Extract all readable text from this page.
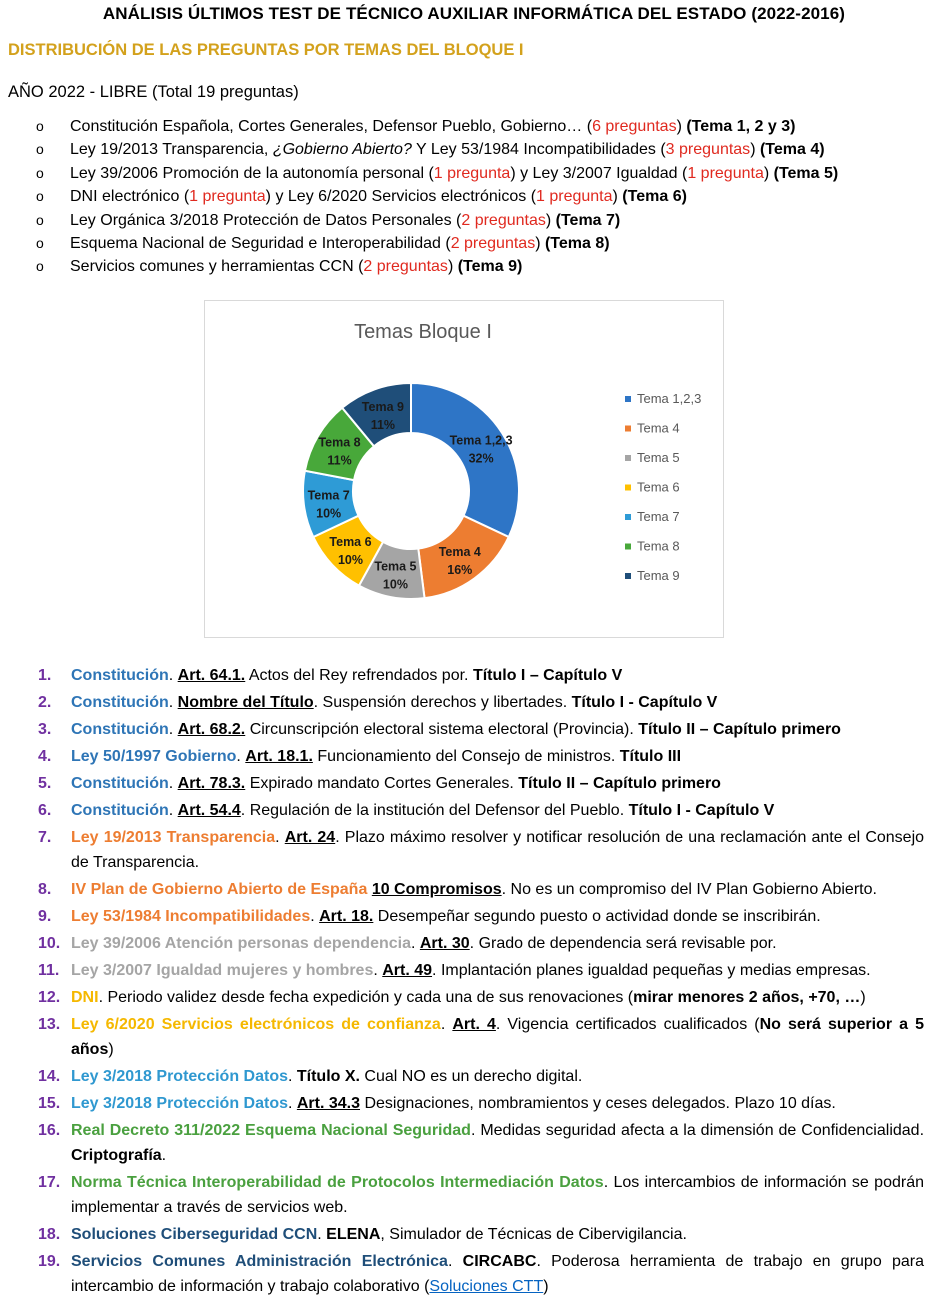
ANÁLISIS ÚLTIMOS TEST DE TÉCNICO AUXILIAR INFORMÁTICA DEL ESTADO (2022-2016)
DISTRIBUCIÓN DE LAS PREGUNTAS POR TEMAS DEL BLOQUE I
AÑO 2022 - LIBRE (Total 19 preguntas)
o Constitución Española, Cortes Generales, Defensor Pueblo, Gobierno… (6 preguntas) (Tema 1, 2 y 3)
o Ley 19/2013 Transparencia, ¿Gobierno Abierto? Y Ley 53/1984 Incompatibilidades (3 preguntas) (Tema 4)
o Ley 39/2006 Promoción de la autonomía personal (1 pregunta) y Ley 3/2007 Igualdad (1 pregunta) (Tema 5)
o DNI electrónico (1 pregunta) y Ley 6/2020 Servicios electrónicos (1 pregunta) (Tema 6)
o Ley Orgánica 3/2018 Protección de Datos Personales (2 preguntas) (Tema 7)
o Esquema Nacional de Seguridad e Interoperabilidad (2 preguntas) (Tema 8)
o Servicios comunes y herramientas CCN (2 preguntas) (Tema 9)
Temas Bloque I
Tema 1,2,3
32%
Tema 4
16%
Tema 5
10%
Tema 6
10%
Tema 7
10%
Tema 8
11%
Tema 9
11%
Tema 1,2,3
Tema 4
Tema 5
Tema 6
Tema 7
Tema 8
Tema 9
1. Constitución. Art. 64.1. Actos del Rey refrendados por. Título I – Capítulo V
2. Constitución. Nombre del Título. Suspensión derechos y libertades. Título I - Capítulo V
3. Constitución. Art. 68.2. Circunscripción electoral sistema electoral (Provincia). Título II – Capítulo primero
4. Ley 50/1997 Gobierno. Art. 18.1. Funcionamiento del Consejo de ministros. Título III
5. Constitución. Art. 78.3. Expirado mandato Cortes Generales. Título II – Capítulo primero
6. Constitución. Art. 54.4. Regulación de la institución del Defensor del Pueblo. Título I - Capítulo V
7. Ley 19/2013 Transparencia. Art. 24. Plazo máximo resolver y notificar resolución de una reclamación ante el Consejo de Transparencia.
8. IV Plan de Gobierno Abierto de España 10 Compromisos. No es un compromiso del IV Plan Gobierno Abierto.
9. Ley 53/1984 Incompatibilidades. Art. 18. Desempeñar segundo puesto o actividad donde se inscribirán.
10. Ley 39/2006 Atención personas dependencia. Art. 30. Grado de dependencia será revisable por.
11. Ley 3/2007 Igualdad mujeres y hombres. Art. 49. Implantación planes igualdad pequeñas y medias empresas.
12. DNI. Periodo validez desde fecha expedición y cada una de sus renovaciones (mirar menores 2 años, +70, …)
13. Ley 6/2020 Servicios electrónicos de confianza. Art. 4. Vigencia certificados cualificados (No será superior a 5 años)
14. Ley 3/2018 Protección Datos. Título X. Cual NO es un derecho digital.
15. Ley 3/2018 Protección Datos. Art. 34.3 Designaciones, nombramientos y ceses delegados. Plazo 10 días.
16. Real Decreto 311/2022 Esquema Nacional Seguridad. Medidas seguridad afecta a la dimensión de Confidencialidad. Criptografía.
17. Norma Técnica Interoperabilidad de Protocolos Intermediación Datos. Los intercambios de información se podrán implementar a través de servicios web.
18. Soluciones Ciberseguridad CCN. ELENA, Simulador de Técnicas de Cibervigilancia.
19. Servicios Comunes Administración Electrónica. CIRCABC. Poderosa herramienta de trabajo en grupo para intercambio de información y trabajo colaborativo (Soluciones CTT)
